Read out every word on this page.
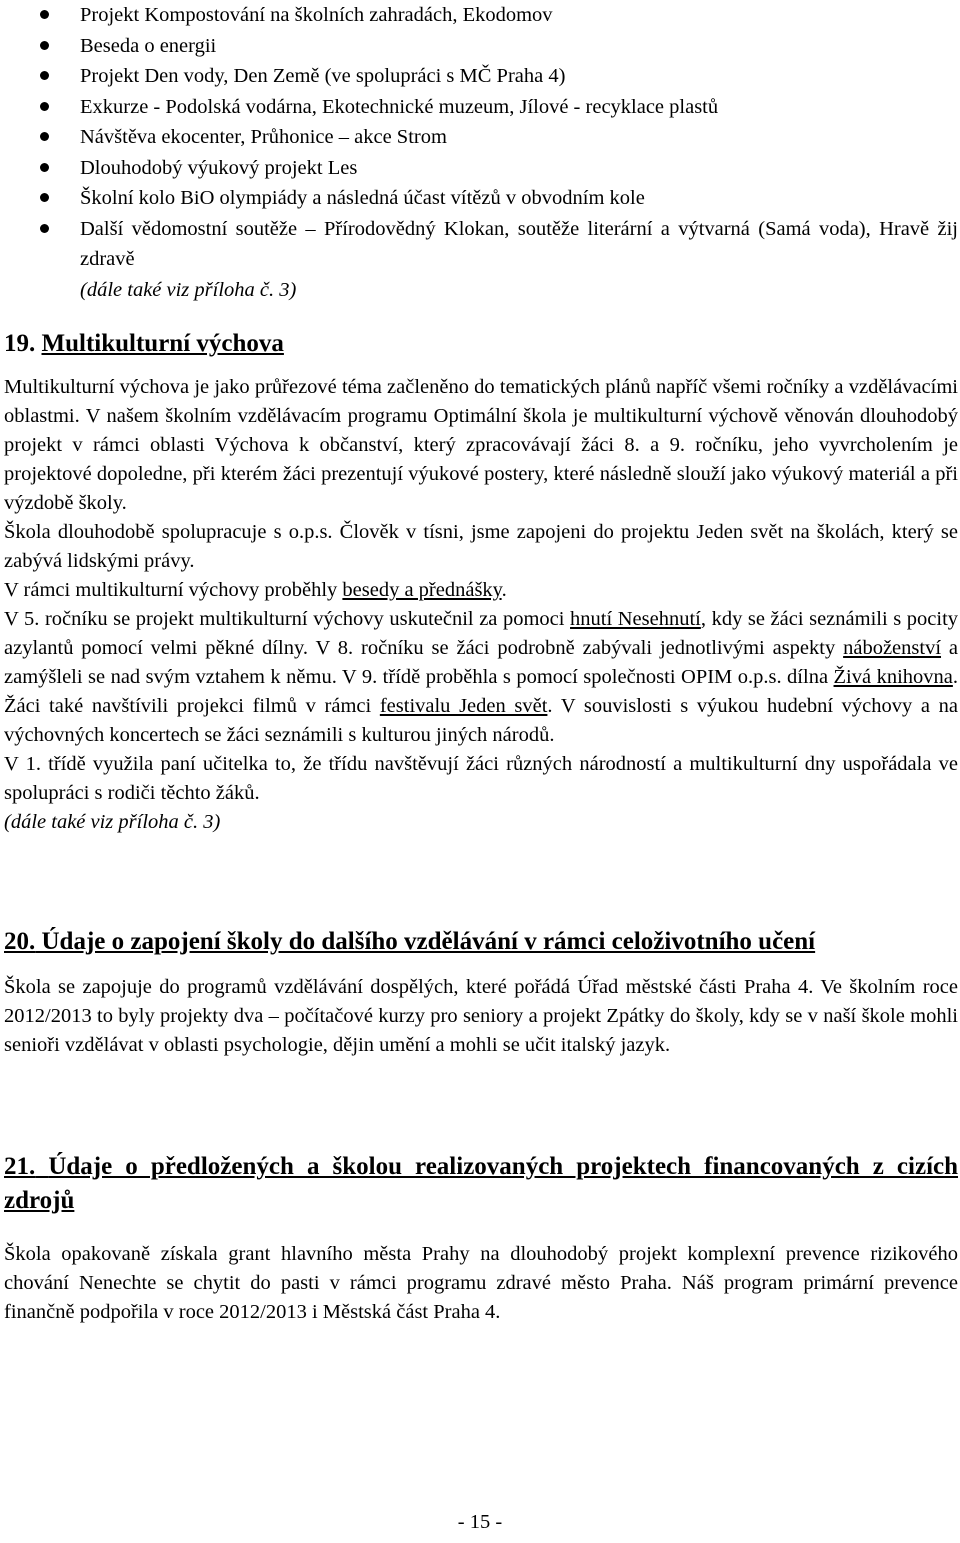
Projekt Kompostování na školních zahradách, Ekodomov
Beseda o energii
Projekt Den vody, Den Země (ve spolupráci s MČ Praha 4)
Exkurze - Podolská vodárna, Ekotechnické muzeum, Jílové - recyklace plastů
Návštěva ekocenter, Průhonice – akce Strom
Dlouhodobý výukový projekt Les
Školní kolo BiO olympiády a následná účast vítězů v obvodním kole
Další vědomostní soutěže – Přírodovědný Klokan, soutěže literární a výtvarná (Samá voda), Hravě žij zdravě
(dále také viz příloha č. 3)
19. Multikulturní výchova

Multikulturní výchova je jako průřezové téma začleněno do tematických plánů napříč všemi ročníky a vzdělávacími oblastmi. V našem školním vzdělávacím programu Optimální škola je multikulturní výchově věnován dlouhodobý projekt v rámci oblasti Výchova k občanství, který zpracovávají žáci 8. a 9. ročníku, jeho vyvrcholením je projektové dopoledne, při kterém žáci prezentují výukové postery, které následně slouží jako výukový materiál a při výzdobě školy.

Škola dlouhodobě spolupracuje s o.p.s. Člověk v tísni, jsme zapojeni do projektu Jeden svět na školách, který se zabývá lidskými právy.

V rámci multikulturní výchovy proběhly besedy a přednášky.

V 5. ročníku se projekt multikulturní výchovy uskutečnil za pomoci hnutí Nesehnutí, kdy se žáci seznámili s pocity azylantů pomocí velmi pěkné dílny. V 8. ročníku se žáci podrobně zabývali jednotlivými aspekty náboženství a zamýšleli se nad svým vztahem k němu. V 9. třídě proběhla s pomocí společnosti OPIM o.p.s. dílna Živá knihovna. Žáci také navštívili projekci filmů v rámci festivalu Jeden svět. V souvislosti s výukou hudební výchovy a na výchovných koncertech se žáci seznámili s kulturou jiných národů.

V 1. třídě využila paní učitelka to, že třídu navštěvují žáci různých národností a multikulturní dny uspořádala ve spolupráci s rodiči těchto žáků.

(dále také viz příloha č. 3)

20. Údaje o zapojení školy do dalšího vzdělávání v rámci celoživotního učení

Škola se zapojuje do programů vzdělávání dospělých, které pořádá Úřad městské části Praha 4. Ve školním roce 2012/2013 to byly projekty dva – počítačové kurzy pro seniory a projekt Zpátky do školy, kdy se v naší škole mohli senioři vzdělávat v oblasti psychologie, dějin umění a mohli se učit italský jazyk.

21. Údaje o předložených a školou realizovaných projektech financovaných z cizích zdrojů

Škola opakovaně získala grant hlavního města Prahy na dlouhodobý projekt komplexní prevence rizikového chování Nenechte se chytit do pasti v rámci programu zdravé město Praha. Náš program primární prevence finančně podpořila v roce 2012/2013 i Městská část Praha 4.

- 15 -
